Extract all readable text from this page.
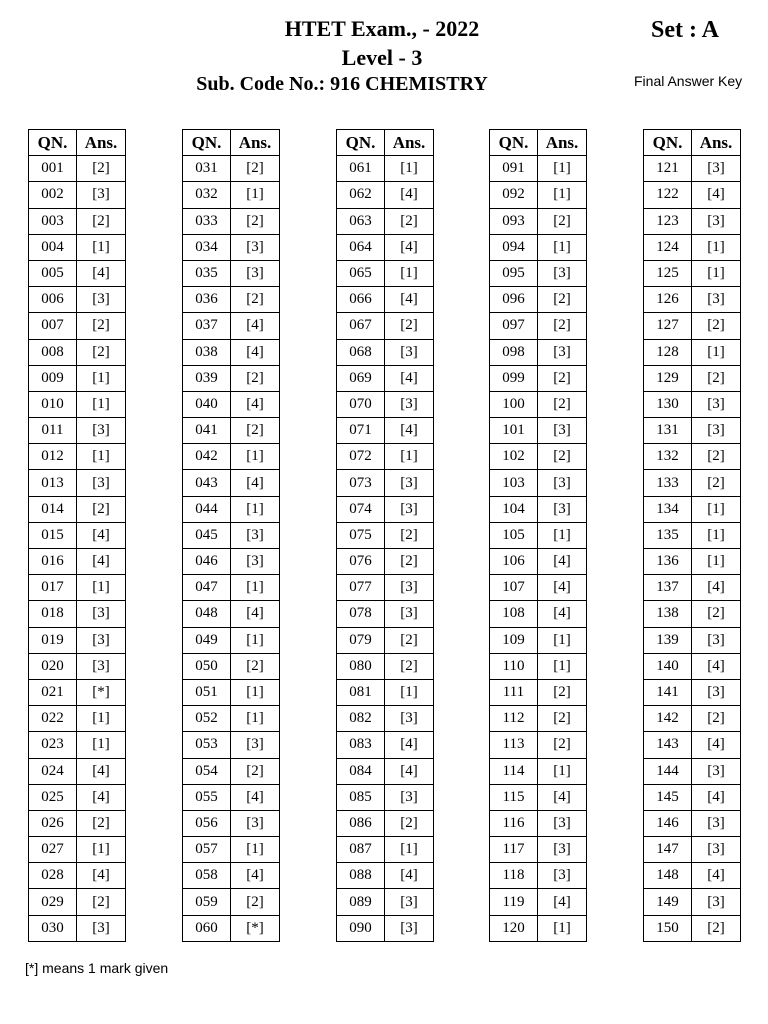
HTET Exam., - 2022
Level - 3
Sub. Code No.: 916 CHEMISTRY
Set : A
Final Answer Key
QN.	Ans.
001	[2]
002	[3]
003	[2]
004	[1]
005	[4]
006	[3]
007	[2]
008	[2]
009	[1]
010	[1]
011	[3]
012	[1]
013	[3]
014	[2]
015	[4]
016	[4]
017	[1]
018	[3]
019	[3]
020	[3]
021	[*]
022	[1]
023	[1]
024	[4]
025	[4]
026	[2]
027	[1]
028	[4]
029	[2]
030	[3]
QN.	Ans.
031	[2]
032	[1]
033	[2]
034	[3]
035	[3]
036	[2]
037	[4]
038	[4]
039	[2]
040	[4]
041	[2]
042	[1]
043	[4]
044	[1]
045	[3]
046	[3]
047	[1]
048	[4]
049	[1]
050	[2]
051	[1]
052	[1]
053	[3]
054	[2]
055	[4]
056	[3]
057	[1]
058	[4]
059	[2]
060	[*]
QN.	Ans.
061	[1]
062	[4]
063	[2]
064	[4]
065	[1]
066	[4]
067	[2]
068	[3]
069	[4]
070	[3]
071	[4]
072	[1]
073	[3]
074	[3]
075	[2]
076	[2]
077	[3]
078	[3]
079	[2]
080	[2]
081	[1]
082	[3]
083	[4]
084	[4]
085	[3]
086	[2]
087	[1]
088	[4]
089	[3]
090	[3]
QN.	Ans.
091	[1]
092	[1]
093	[2]
094	[1]
095	[3]
096	[2]
097	[2]
098	[3]
099	[2]
100	[2]
101	[3]
102	[2]
103	[3]
104	[3]
105	[1]
106	[4]
107	[4]
108	[4]
109	[1]
110	[1]
111	[2]
112	[2]
113	[2]
114	[1]
115	[4]
116	[3]
117	[3]
118	[3]
119	[4]
120	[1]
QN.	Ans.
121	[3]
122	[4]
123	[3]
124	[1]
125	[1]
126	[3]
127	[2]
128	[1]
129	[2]
130	[3]
131	[3]
132	[2]
133	[2]
134	[1]
135	[1]
136	[1]
137	[4]
138	[2]
139	[3]
140	[4]
141	[3]
142	[2]
143	[4]
144	[3]
145	[4]
146	[3]
147	[3]
148	[4]
149	[3]
150	[2]
[*] means 1 mark given
